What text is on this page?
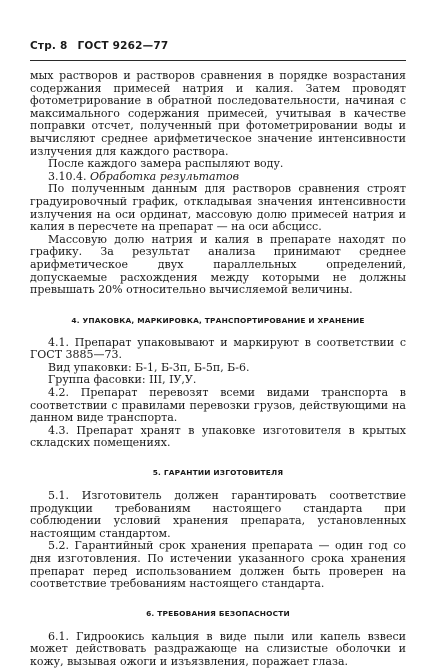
Стр. 8 ГОСТ 9262—77

мых растворов и растворов сравнения в порядке возрастания содержания примесей натрия и калия. Затем проводят фотометрирование в обратной последовательности, начиная с максимального содержания примесей, учитывая в качестве поправки отсчет, полученный при фотометрировании воды и вычисляют среднее арифметическое значение интенсивности излучения для каждого раствора.

После каждого замера распыляют воду.

3.10.4. Обработка результатов

По полученным данным для растворов сравнения строят градуировочный график, откладывая значения интенсивности излучения на оси ординат, массовую долю примесей натрия и калия в пересчете на препарат — на оси абсцисс.

Массовую долю натрия и калия в препарате находят по графику. За результат анализа принимают среднее арифметическое двух параллельных определений, допускаемые расхождения между которыми не должны превышать 20% относительно вычисляемой величины.

4. УПАКОВКА, МАРКИРОВКА, ТРАНСПОРТИРОВАНИЕ И ХРАНЕНИЕ

4.1. Препарат упаковывают и маркируют в соответствии с ГОСТ 3885—73.

Вид упаковки: Б-1, Б-3п, Б-5п, Б-6.

Группа фасовки: III, IУ,У.

4.2. Препарат перевозят всеми видами транспорта в соответствии с правилами перевозки грузов, действующими на данном виде транспорта.

4.3. Препарат хранят в упаковке изготовителя в крытых складских помещениях.

5. ГАРАНТИИ ИЗГОТОВИТЕЛЯ

5.1. Изготовитель должен гарантировать соответствие продукции требованиям настоящего стандарта при соблюдении условий хранения препарата, установленных настоящим стандартом.

5.2. Гарантийный срок хранения препарата — один год со дня изготовления. По истечении указанного срока хранения препарат перед использованием должен быть проверен на соответствие требованиям настоящего стандарта.

6. ТРЕБОВАНИЯ БЕЗОПАСНОСТИ

6.1. Гидроокись кальция в виде пыли или капель взвеси может действовать раздражающе на слизистые оболочки и кожу, вызывая ожоги и изъязвления, поражает глаза.
